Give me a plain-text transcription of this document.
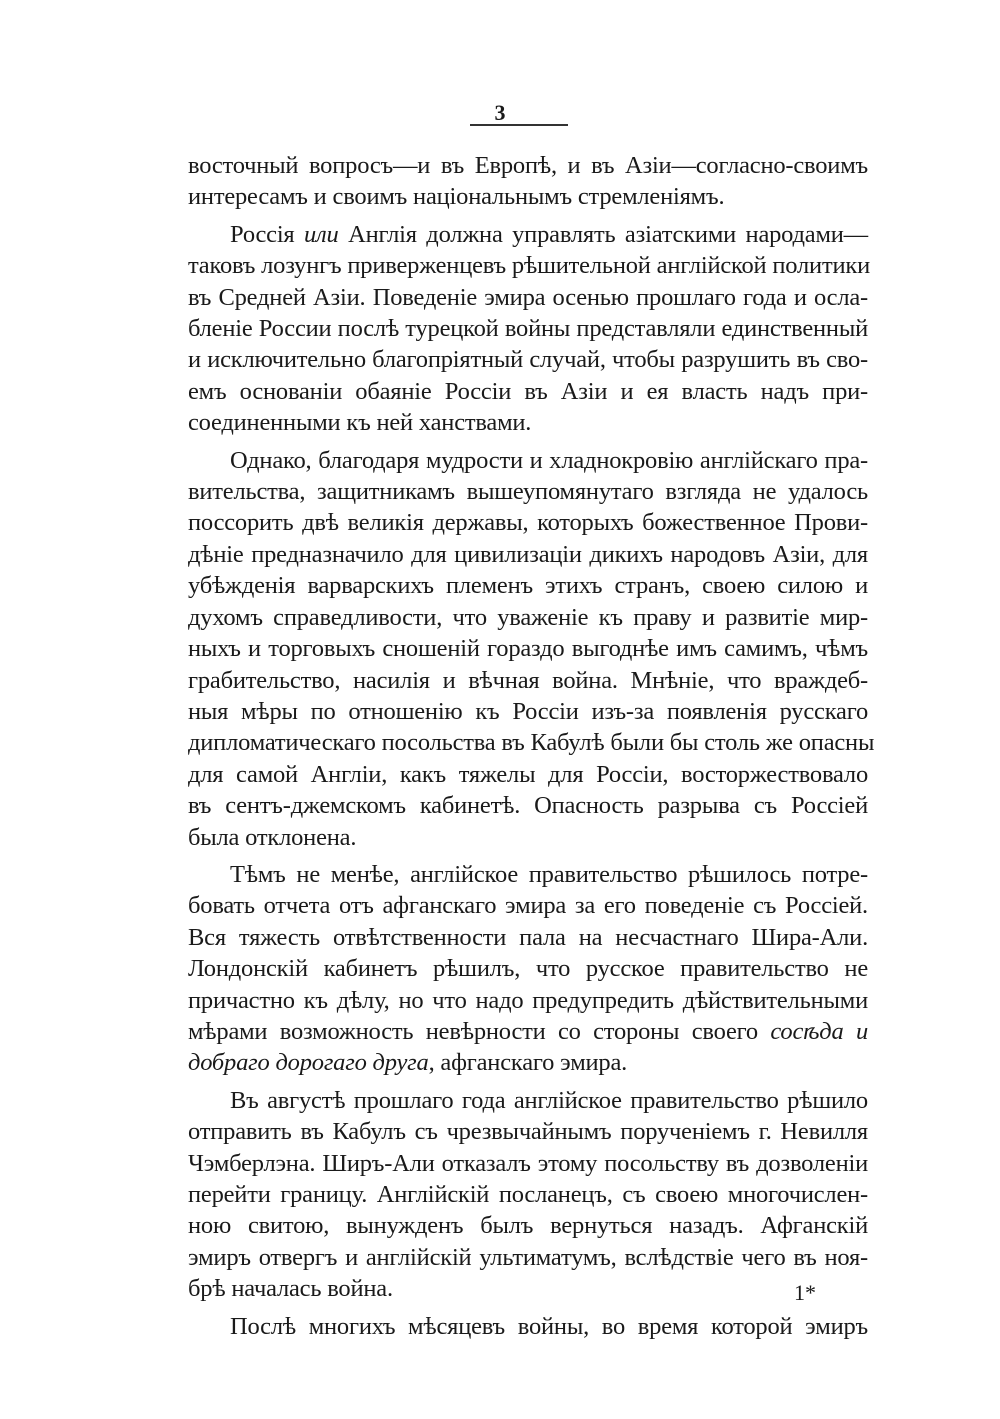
3
восточный вопросъ—и въ Европѣ, и въ Азіи—согласно-своимъ
интересамъ и своимъ національнымъ стремленіямъ.
Россія или Англія должна управлять азіатскими народами—
таковъ лозунгъ приверженцевъ рѣшительной англійской политики
въ Средней Азіи. Поведеніе эмира осенью прошлаго года и осла-
бленіе России послѣ турецкой войны представляли единственный
и исключительно благопріятный случай, чтобы разрушить въ сво-
емъ основаніи обаяніе Россіи въ Азіи и ея власть надъ при-
соединенными къ ней ханствами.
Однако, благодаря мудрости и хладнокровію англійскаго пра-
вительства, защитникамъ вышеупомянутаго взгляда не удалось
поссорить двѣ великія державы, которыхъ божественное Прови-
дѣніе предназначило для цивилизаціи дикихъ народовъ Азіи, для
убѣжденія варварскихъ племенъ этихъ странъ, своею силою и
духомъ справедливости, что уваженіе къ праву и развитіе мир-
ныхъ и торговыхъ сношеній гораздо выгоднѣе имъ самимъ, чѣмъ
грабительство, насилія и вѣчная война. Мнѣніе, что враждеб-
ныя мѣры по отношенію къ Россіи изъ-за появленія русскаго
дипломатическаго посольства въ Кабулѣ были бы столь же опасны
для самой Англіи, какъ тяжелы для Россіи, восторжествовало
въ сентъ-джемскомъ кабинетѣ. Опасность разрыва съ Россіей
была отклонена.
Тѣмъ не менѣе, англійское правительство рѣшилось потре-
бовать отчета отъ афганскаго эмира за его поведеніе съ Россіей.
Вся тяжесть отвѣтственности пала на несчастнаго Шира-Али.
Лондонскій кабинетъ рѣшилъ, что русское правительство не
причастно къ дѣлу, но что надо предупредить дѣйствительными
мѣрами возможность невѣрности со стороны своего сосѣда и
добраго дорогаго друга, афганскаго эмира.
Въ августѣ прошлаго года англійское правительство рѣшило
отправить въ Кабулъ съ чрезвычайнымъ порученіемъ г. Невилля
Чэмберлэна. Ширъ-Али отказалъ этому посольству въ дозволеніи
перейти границу. Англійскій посланецъ, съ своею многочислен-
ною свитою, вынужденъ былъ вернуться назадъ. Афганскій
эмиръ отвергъ и англійскій ультиматумъ, вслѣдствіе чего въ ноя-
брѣ началась война.
Послѣ многихъ мѣсяцевъ войны, во время которой эмиръ
1*
